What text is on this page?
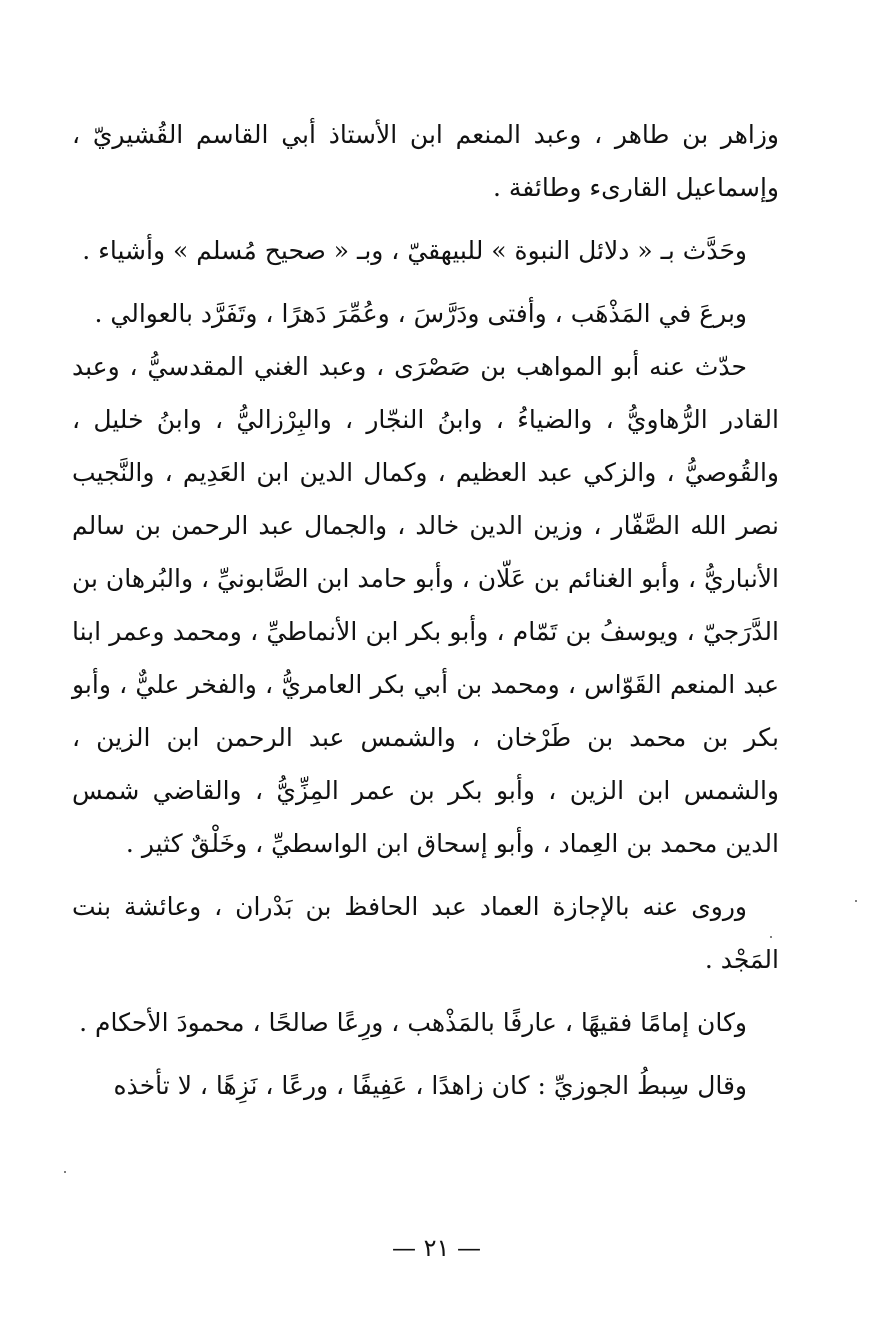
وزاهر بن طاهر ، وعبد المنعم ابن الأستاذ أبي القاسم القُشيريّ ، وإسماعيل القارىء وطائفة .

وحَدَّث بـ « دلائل النبوة » للبيهقيّ ، وبـ « صحيح مُسلم » وأشياء .

وبرعَ في المَذْهَب ، وأفتى ودَرَّسَ ، وعُمِّرَ دَهرًا ، وتَفَرَّد بالعوالي .

حدّث عنه أبو المواهب بن صَصْرَى ، وعبد الغني المقدسيُّ ، وعبد القادر الرُّهاويُّ ، والضياءُ ، وابنُ النجّار ، والبِرْزاليُّ ، وابنُ خليل ، والقُوصيُّ ، والزكي عبد العظيم ، وكمال الدين ابن العَدِيم ، والنَّجيب نصر الله الصَّفّار ، وزين الدين خالد ، والجمال عبد الرحمن بن سالم الأنباريُّ ، وأبو الغنائم بن عَلّان ، وأبو حامد ابن الصَّابونيِّ ، والبُرهان بن الدَّرَجيّ ، ويوسفُ بن تَمّام ، وأبو بكر ابن الأنماطيِّ ، ومحمد وعمر ابنا عبد المنعم القَوّاس ، ومحمد بن أبي بكر العامريُّ ، والفخر عليٌّ ، وأبو بكر بن محمد بن طَرْخان ، والشمس عبد الرحمن ابن الزين ، والشمس ابن الزين ، وأبو بكر بن عمر المِزِّيُّ ، والقاضي شمس الدين محمد بن العِماد ، وأبو إسحاق ابن الواسطيِّ ، وخَلْقٌ كثير .

وروى عنه بالإجازة العماد عبد الحافظ بن بَدْران ، وعائشة بنت المَجْد .

وكان إمامًا فقيهًا ، عارفًا بالمَذْهب ، ورِعًا صالحًا ، محمودَ الأحكام .

وقال سِبطُ الجوزيِّ : كان زاهدًا ، عَفِيفًا ، ورعًا ، نَزِهًا ، لا تأخذه

— ٢١ —
